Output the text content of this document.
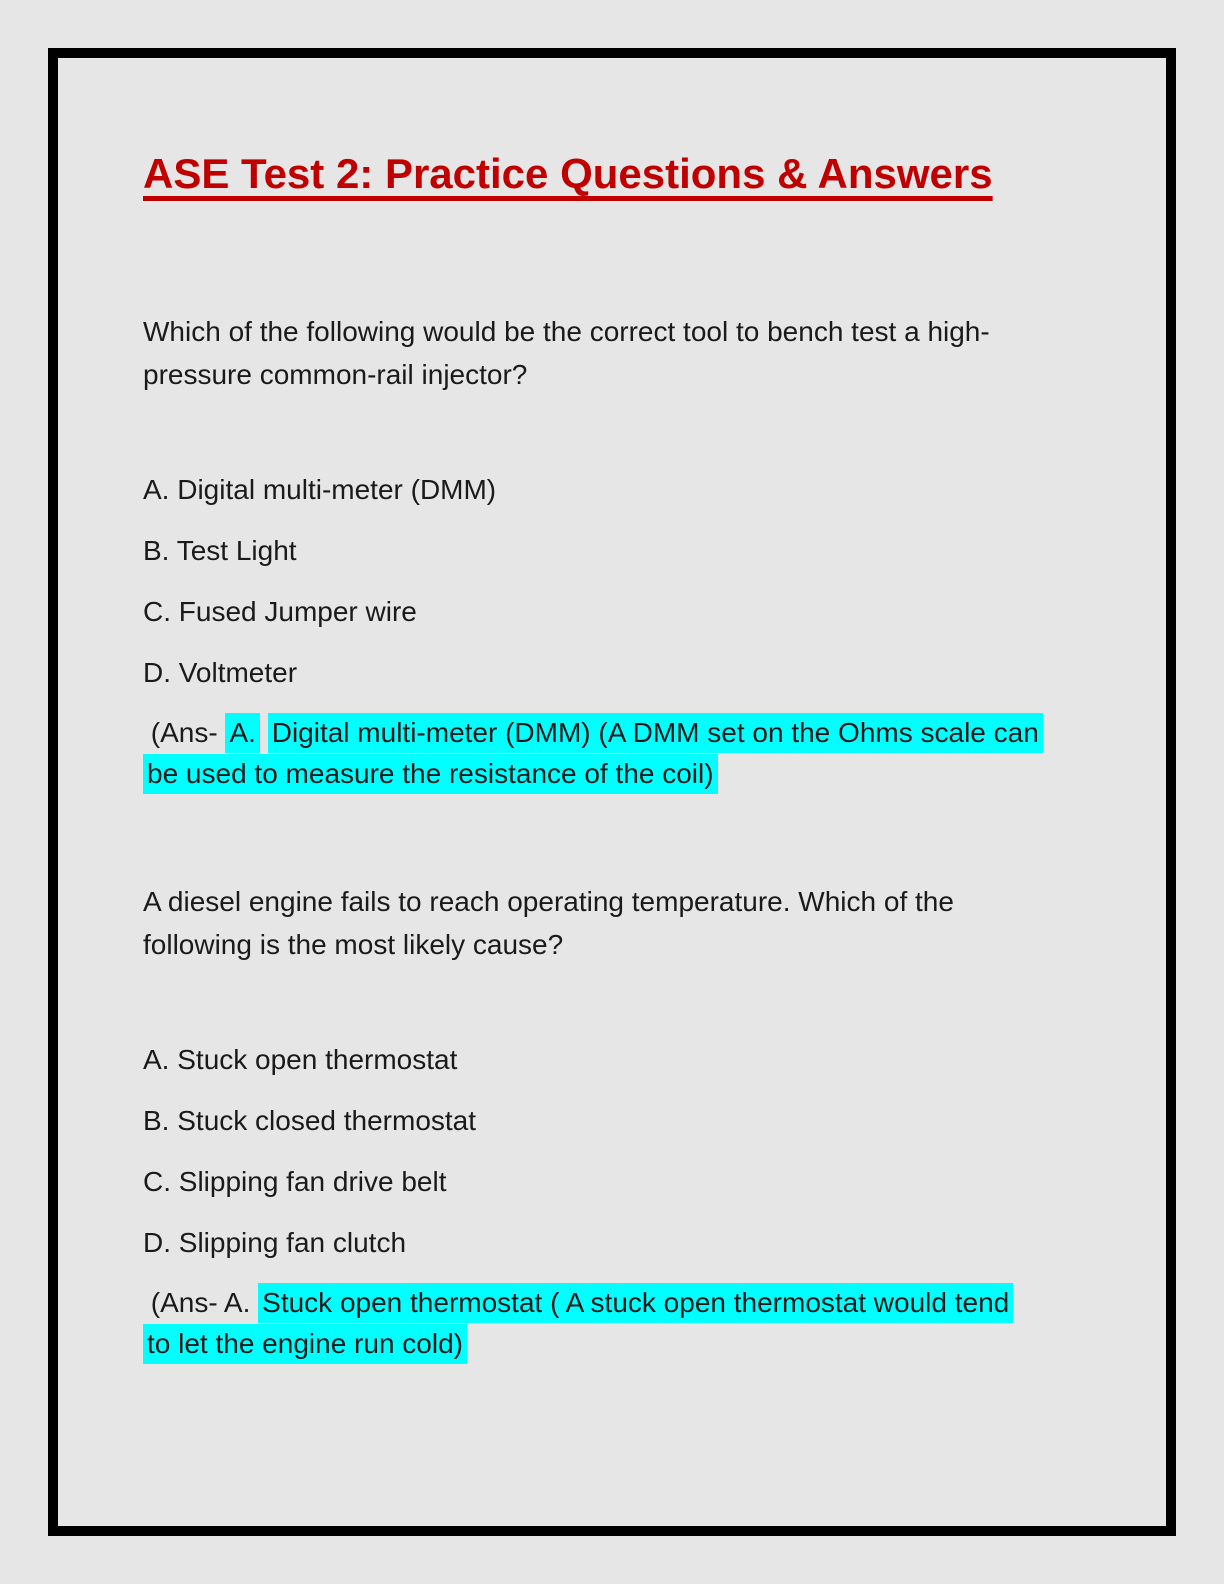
ASE Test 2: Practice Questions & Answers
Which of the following would be the correct tool to bench test a high-
pressure common-rail injector?
A. Digital multi-meter (DMM)
B. Test Light
C. Fused Jumper wire
D. Voltmeter
(Ans- A. Digital multi-meter (DMM) (A DMM set on the Ohms scale can
be used to measure the resistance of the coil)
A diesel engine fails to reach operating temperature. Which of the
following is the most likely cause?
A. Stuck open thermostat
B. Stuck closed thermostat
C. Slipping fan drive belt
D. Slipping fan clutch
(Ans- A. Stuck open thermostat ( A stuck open thermostat would tend
to let the engine run cold)
